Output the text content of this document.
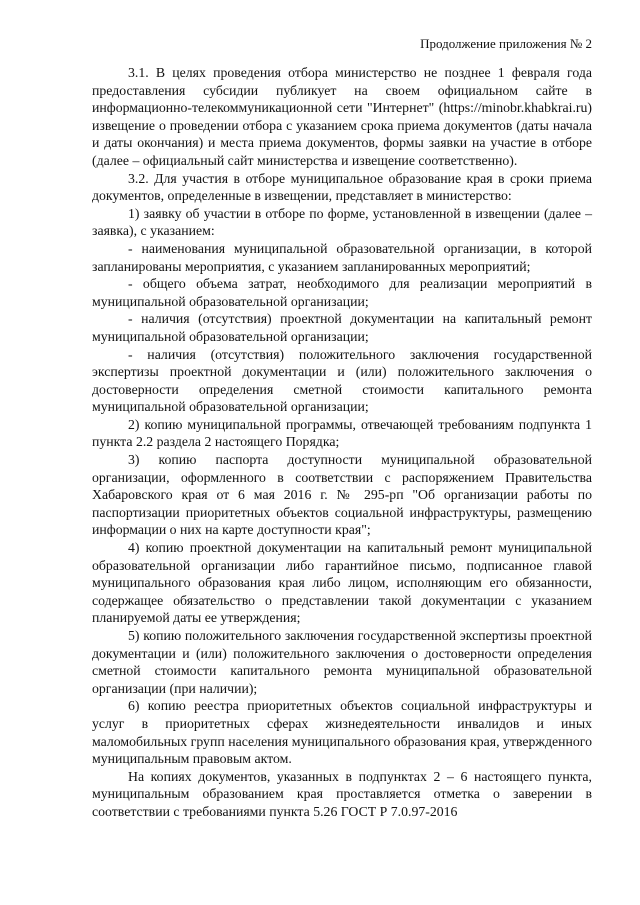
Продолжение приложения № 2

3.1. В целях проведения отбора министерство не позднее 1 февраля года предоставления субсидии публикует на своем официальном сайте в информационно-телекоммуникационной сети "Интернет" (https://minobr.khabkrai.ru) извещение о проведении отбора с указанием срока приема документов (даты начала и даты окончания) и места приема документов, формы заявки на участие в отборе (далее – официальный сайт министерства и извещение соответственно).

3.2. Для участия в отборе муниципальное образование края в сроки приема документов, определенные в извещении, представляет в министерство:

1) заявку об участии в отборе по форме, установленной в извещении (далее – заявка), с указанием:

- наименования муниципальной образовательной организации, в которой запланированы мероприятия, с указанием запланированных мероприятий;

- общего объема затрат, необходимого для реализации мероприятий в муниципальной образовательной организации;

- наличия (отсутствия) проектной документации на капитальный ремонт муниципальной образовательной организации;

- наличия (отсутствия) положительного заключения государственной экспертизы проектной документации и (или) положительного заключения о достоверности определения сметной стоимости капитального ремонта муниципальной образовательной организации;

2) копию муниципальной программы, отвечающей требованиям подпункта 1 пункта 2.2 раздела 2 настоящего Порядка;

3) копию паспорта доступности муниципальной образовательной организации, оформленного в соответствии с распоряжением Правительства Хабаровского края от 6 мая 2016 г. № 295-рп "Об организации работы по паспортизации приоритетных объектов социальной инфраструктуры, размещению информации о них на карте доступности края";

4) копию проектной документации на капитальный ремонт муниципальной образовательной организации либо гарантийное письмо, подписанное главой муниципального образования края либо лицом, исполняющим его обязанности, содержащее обязательство о представлении такой документации с указанием планируемой даты ее утверждения;

5) копию положительного заключения государственной экспертизы проектной документации и (или) положительного заключения о достоверности определения сметной стоимости капитального ремонта муниципальной образовательной организации (при наличии);

6) копию реестра приоритетных объектов социальной инфраструктуры и услуг в приоритетных сферах жизнедеятельности инвалидов и иных маломобильных групп населения муниципального образования края, утвержденного муниципальным правовым актом.

На копиях документов, указанных в подпунктах 2 – 6 настоящего пункта, муниципальным образованием края проставляется отметка о заверении в соответствии с требованиями пункта 5.26 ГОСТ Р 7.0.97-2016
